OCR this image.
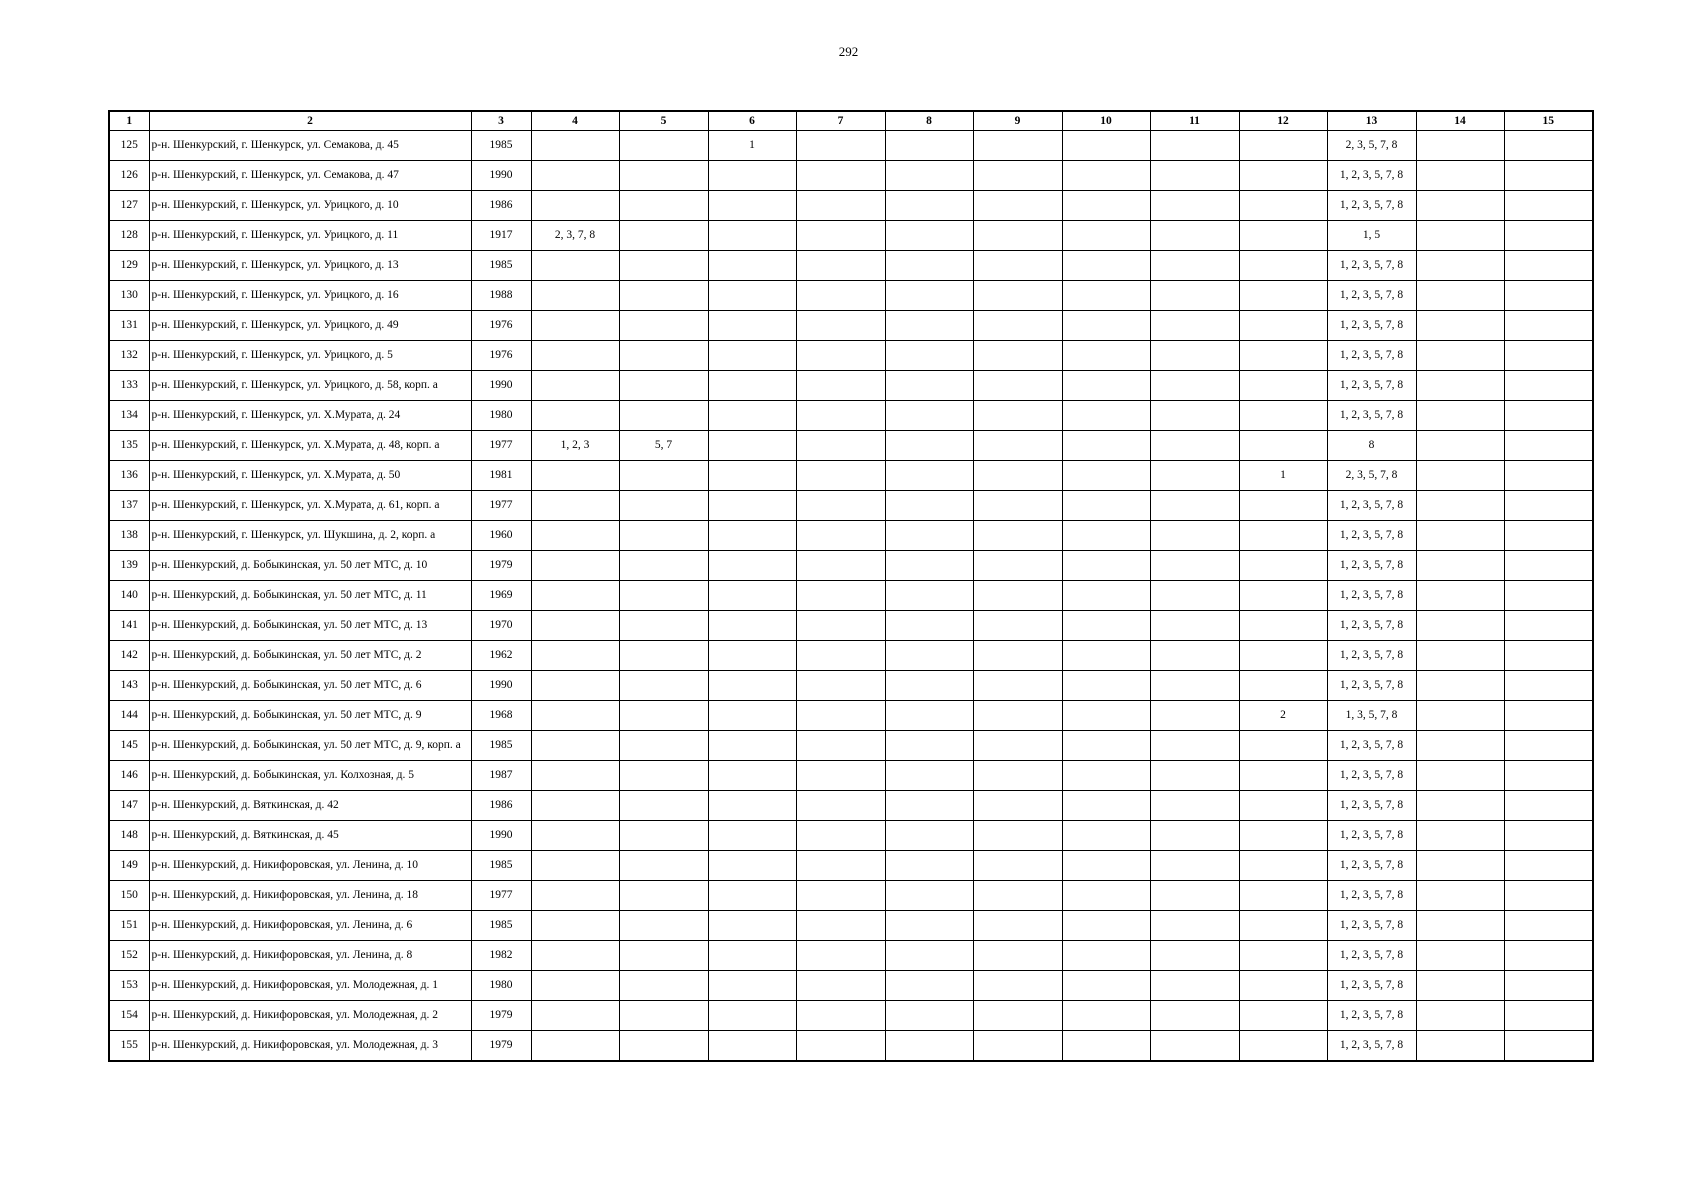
292
1	2	3	4	5	6	7	8	9	10	11	12	13	14	15
125	р-н. Шенкурский, г. Шенкурск, ул. Семакова, д. 45	1985			1							2, 3, 5, 7, 8		
126	р-н. Шенкурский, г. Шенкурск, ул. Семакова, д. 47	1990										1, 2, 3, 5, 7, 8		
127	р-н. Шенкурский, г. Шенкурск, ул. Урицкого, д. 10	1986										1, 2, 3, 5, 7, 8		
128	р-н. Шенкурский, г. Шенкурск, ул. Урицкого, д. 11	1917	2, 3, 7, 8									1, 5		
129	р-н. Шенкурский, г. Шенкурск, ул. Урицкого, д. 13	1985										1, 2, 3, 5, 7, 8		
130	р-н. Шенкурский, г. Шенкурск, ул. Урицкого, д. 16	1988										1, 2, 3, 5, 7, 8		
131	р-н. Шенкурский, г. Шенкурск, ул. Урицкого, д. 49	1976										1, 2, 3, 5, 7, 8		
132	р-н. Шенкурский, г. Шенкурск, ул. Урицкого, д. 5	1976										1, 2, 3, 5, 7, 8		
133	р-н. Шенкурский, г. Шенкурск, ул. Урицкого, д. 58, корп. а	1990										1, 2, 3, 5, 7, 8		
134	р-н. Шенкурский, г. Шенкурск, ул. Х.Мурата, д. 24	1980										1, 2, 3, 5, 7, 8		
135	р-н. Шенкурский, г. Шенкурск, ул. Х.Мурата, д. 48, корп. а	1977	1, 2, 3	5, 7								8		
136	р-н. Шенкурский, г. Шенкурск, ул. Х.Мурата, д. 50	1981									1	2, 3, 5, 7, 8		
137	р-н. Шенкурский, г. Шенкурск, ул. Х.Мурата, д. 61, корп. а	1977										1, 2, 3, 5, 7, 8		
138	р-н. Шенкурский, г. Шенкурск, ул. Шукшина, д. 2, корп. а	1960										1, 2, 3, 5, 7, 8		
139	р-н. Шенкурский, д. Бобыкинская, ул. 50 лет МТС, д. 10	1979										1, 2, 3, 5, 7, 8		
140	р-н. Шенкурский, д. Бобыкинская, ул. 50 лет МТС, д. 11	1969										1, 2, 3, 5, 7, 8		
141	р-н. Шенкурский, д. Бобыкинская, ул. 50 лет МТС, д. 13	1970										1, 2, 3, 5, 7, 8		
142	р-н. Шенкурский, д. Бобыкинская, ул. 50 лет МТС, д. 2	1962										1, 2, 3, 5, 7, 8		
143	р-н. Шенкурский, д. Бобыкинская, ул. 50 лет МТС, д. 6	1990										1, 2, 3, 5, 7, 8		
144	р-н. Шенкурский, д. Бобыкинская, ул. 50 лет МТС, д. 9	1968									2	1, 3, 5, 7, 8		
145	р-н. Шенкурский, д. Бобыкинская, ул. 50 лет МТС, д. 9, корп. а	1985										1, 2, 3, 5, 7, 8		
146	р-н. Шенкурский, д. Бобыкинская, ул. Колхозная, д. 5	1987										1, 2, 3, 5, 7, 8		
147	р-н. Шенкурский, д. Вяткинская, д. 42	1986										1, 2, 3, 5, 7, 8		
148	р-н. Шенкурский, д. Вяткинская, д. 45	1990										1, 2, 3, 5, 7, 8		
149	р-н. Шенкурский, д. Никифоровская, ул. Ленина, д. 10	1985										1, 2, 3, 5, 7, 8		
150	р-н. Шенкурский, д. Никифоровская, ул. Ленина, д. 18	1977										1, 2, 3, 5, 7, 8		
151	р-н. Шенкурский, д. Никифоровская, ул. Ленина, д. 6	1985										1, 2, 3, 5, 7, 8		
152	р-н. Шенкурский, д. Никифоровская, ул. Ленина, д. 8	1982										1, 2, 3, 5, 7, 8		
153	р-н. Шенкурский, д. Никифоровская, ул. Молодежная, д. 1	1980										1, 2, 3, 5, 7, 8		
154	р-н. Шенкурский, д. Никифоровская, ул. Молодежная, д. 2	1979										1, 2, 3, 5, 7, 8		
155	р-н. Шенкурский, д. Никифоровская, ул. Молодежная, д. 3	1979										1, 2, 3, 5, 7, 8		
